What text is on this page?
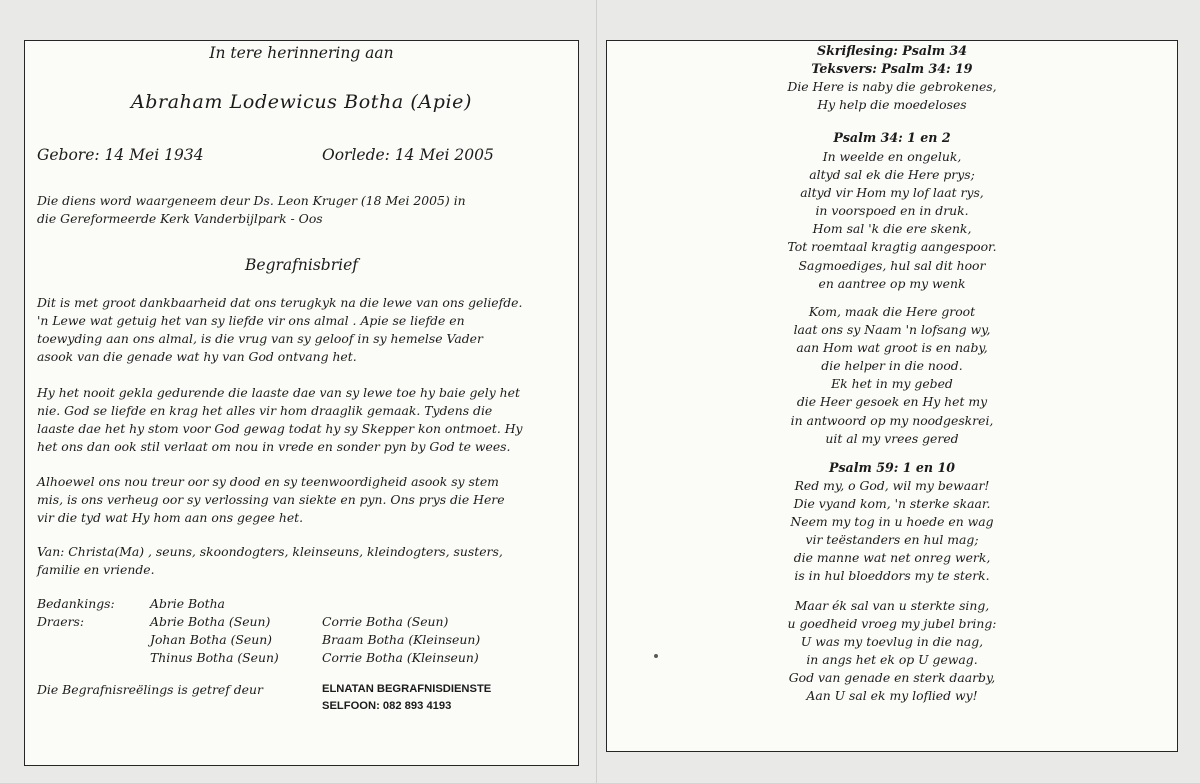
In tere herinnering aan
Abraham Lodewicus Botha (Apie)
Gebore: 14 Mei 1934	Oorlede: 14 Mei 2005
Die diens word waargeneem deur Ds. Leon Kruger (18 Mei 2005) in
die Gereformeerde Kerk Vanderbijlpark - Oos
Begrafnisbrief
Dit is met groot dankbaarheid dat ons terugkyk na die lewe van ons geliefde.
'n Lewe wat getuig het van sy liefde vir ons almal . Apie se liefde en
toewyding aan ons almal, is die vrug van sy geloof in sy hemelse Vader
asook van die genade wat hy van God ontvang het.
Hy het nooit gekla gedurende die laaste dae van sy lewe toe hy baie gely het
nie. God se liefde en krag het alles vir hom draaglik gemaak. Tydens die
laaste dae het hy stom voor God gewag todat hy sy Skepper kon ontmoet. Hy
het ons dan ook stil verlaat om nou in vrede en sonder pyn by God te wees.
Alhoewel ons nou treur oor sy dood en sy teenwoordigheid asook sy stem
mis, is ons verheug oor sy verlossing van siekte en pyn. Ons prys die Here
vir die tyd wat Hy hom aan ons gegee het.
Van: Christa(Ma) , seuns, skoondogters, kleinseuns, kleindogters, susters,
familie en vriende.
Bedankings:
Draers:
Abrie Botha
Abrie Botha (Seun)
Johan Botha (Seun)
Thinus Botha (Seun)
Corrie Botha (Seun)
Braam Botha (Kleinseun)
Corrie Botha (Kleinseun)
Die Begrafnisreëlings is getref deur	ELNATAN BEGRAFNISDIENSTE
SELFOON: 082 893 4193
Skriflesing: Psalm 34
Teksvers: Psalm 34: 19
Die Here is naby die gebrokenes,
Hy help die moedeloses
Psalm 34: 1 en 2
In weelde en ongeluk,
altyd sal ek die Here prys;
altyd vir Hom my lof laat rys,
in voorspoed en in druk.
Hom sal 'k die ere skenk,
Tot roemtaal kragtig aangespoor.
Sagmoediges, hul sal dit hoor
en aantree op my wenk
Kom, maak die Here groot
laat ons sy Naam 'n lofsang wy,
aan Hom wat groot is en naby,
die helper in die nood.
Ek het in my gebed
die Heer gesoek en Hy het my
in antwoord op my noodgeskrei,
uit al my vrees gered
Psalm 59: 1 en 10
Red my, o God, wil my bewaar!
Die vyand kom, 'n sterke skaar.
Neem my tog in u hoede en wag
vir teëstanders en hul mag;
die manne wat net onreg werk,
is in hul bloeddors my te sterk.
Maar ék sal van u sterkte sing,
u goedheid vroeg my jubel bring:
U was my toevlug in die nag,
in angs het ek op U gewag.
God van genade en sterk daarby,
Aan U sal ek my loflied wy!
